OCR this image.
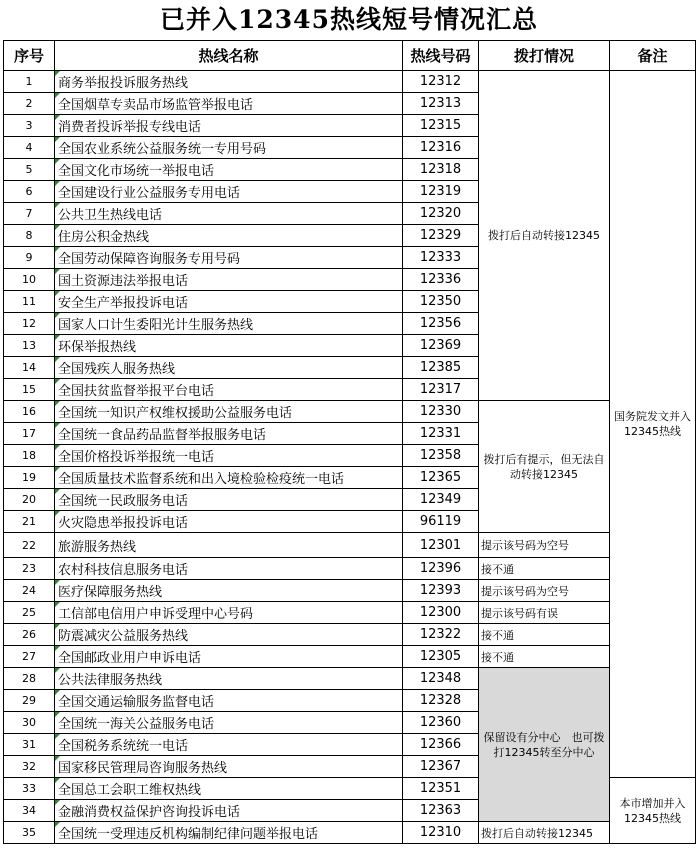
已并入12345热线短号情况汇总
序号	热线名称	热线号码	拨打情况	备注
1	商务举报投诉服务热线	12312	拨打后自动转接12345	国务院发文并入12345热线
2	全国烟草专卖品市场监管举报电话	12313		
3	消费者投诉举报专线电话	12315		
4	全国农业系统公益服务统一专用号码	12316		
5	全国文化市场统一举报电话	12318		
6	全国建设行业公益服务专用电话	12319		
7	公共卫生热线电话	12320		
8	住房公积金热线	12329		
9	全国劳动保障咨询服务专用号码	12333		
10	国土资源违法举报电话	12336		
11	安全生产举报投诉电话	12350		
12	国家人口计生委阳光计生服务热线	12356		
13	环保举报热线	12369		
14	全国残疾人服务热线	12385		
15	全国扶贫监督举报平台电话	12317		
16	全国统一知识产权维权援助公益服务电话	12330	拨打后有提示，但无法自动转接12345	
17	全国统一食品药品监督举报服务电话	12331		
18	全国价格投诉举报统一电话	12358		
19	全国质量技术监督系统和出入境检验检疫统一电话	12365		
20	全国统一民政服务电话	12349		
21	火灾隐患举报投诉电话	96119		
22	旅游服务热线	12301	提示该号码为空号	
23	农村科技信息服务电话	12396	接不通	
24	医疗保障服务热线	12393	提示该号码为空号	
25	工信部电信用户申诉受理中心号码	12300	提示该号码有误	
26	防震减灾公益服务热线	12322	接不通	
27	全国邮政业用户申诉电话	12305	接不通	
28	公共法律服务热线	12348	保留设有分中心　也可拨打12345转至分中心	
29	全国交通运输服务监督电话	12328		
30	全国统一海关公益服务电话	12360		
31	全国税务系统统一电话	12366		
32	国家移民管理局咨询服务热线	12367		
33	全国总工会职工维权热线	12351		本市增加并入12345热线
34	金融消费权益保护咨询投诉电话	12363		
35	全国统一受理违反机构编制纪律问题举报电话	12310	拨打后自动转接12345	
